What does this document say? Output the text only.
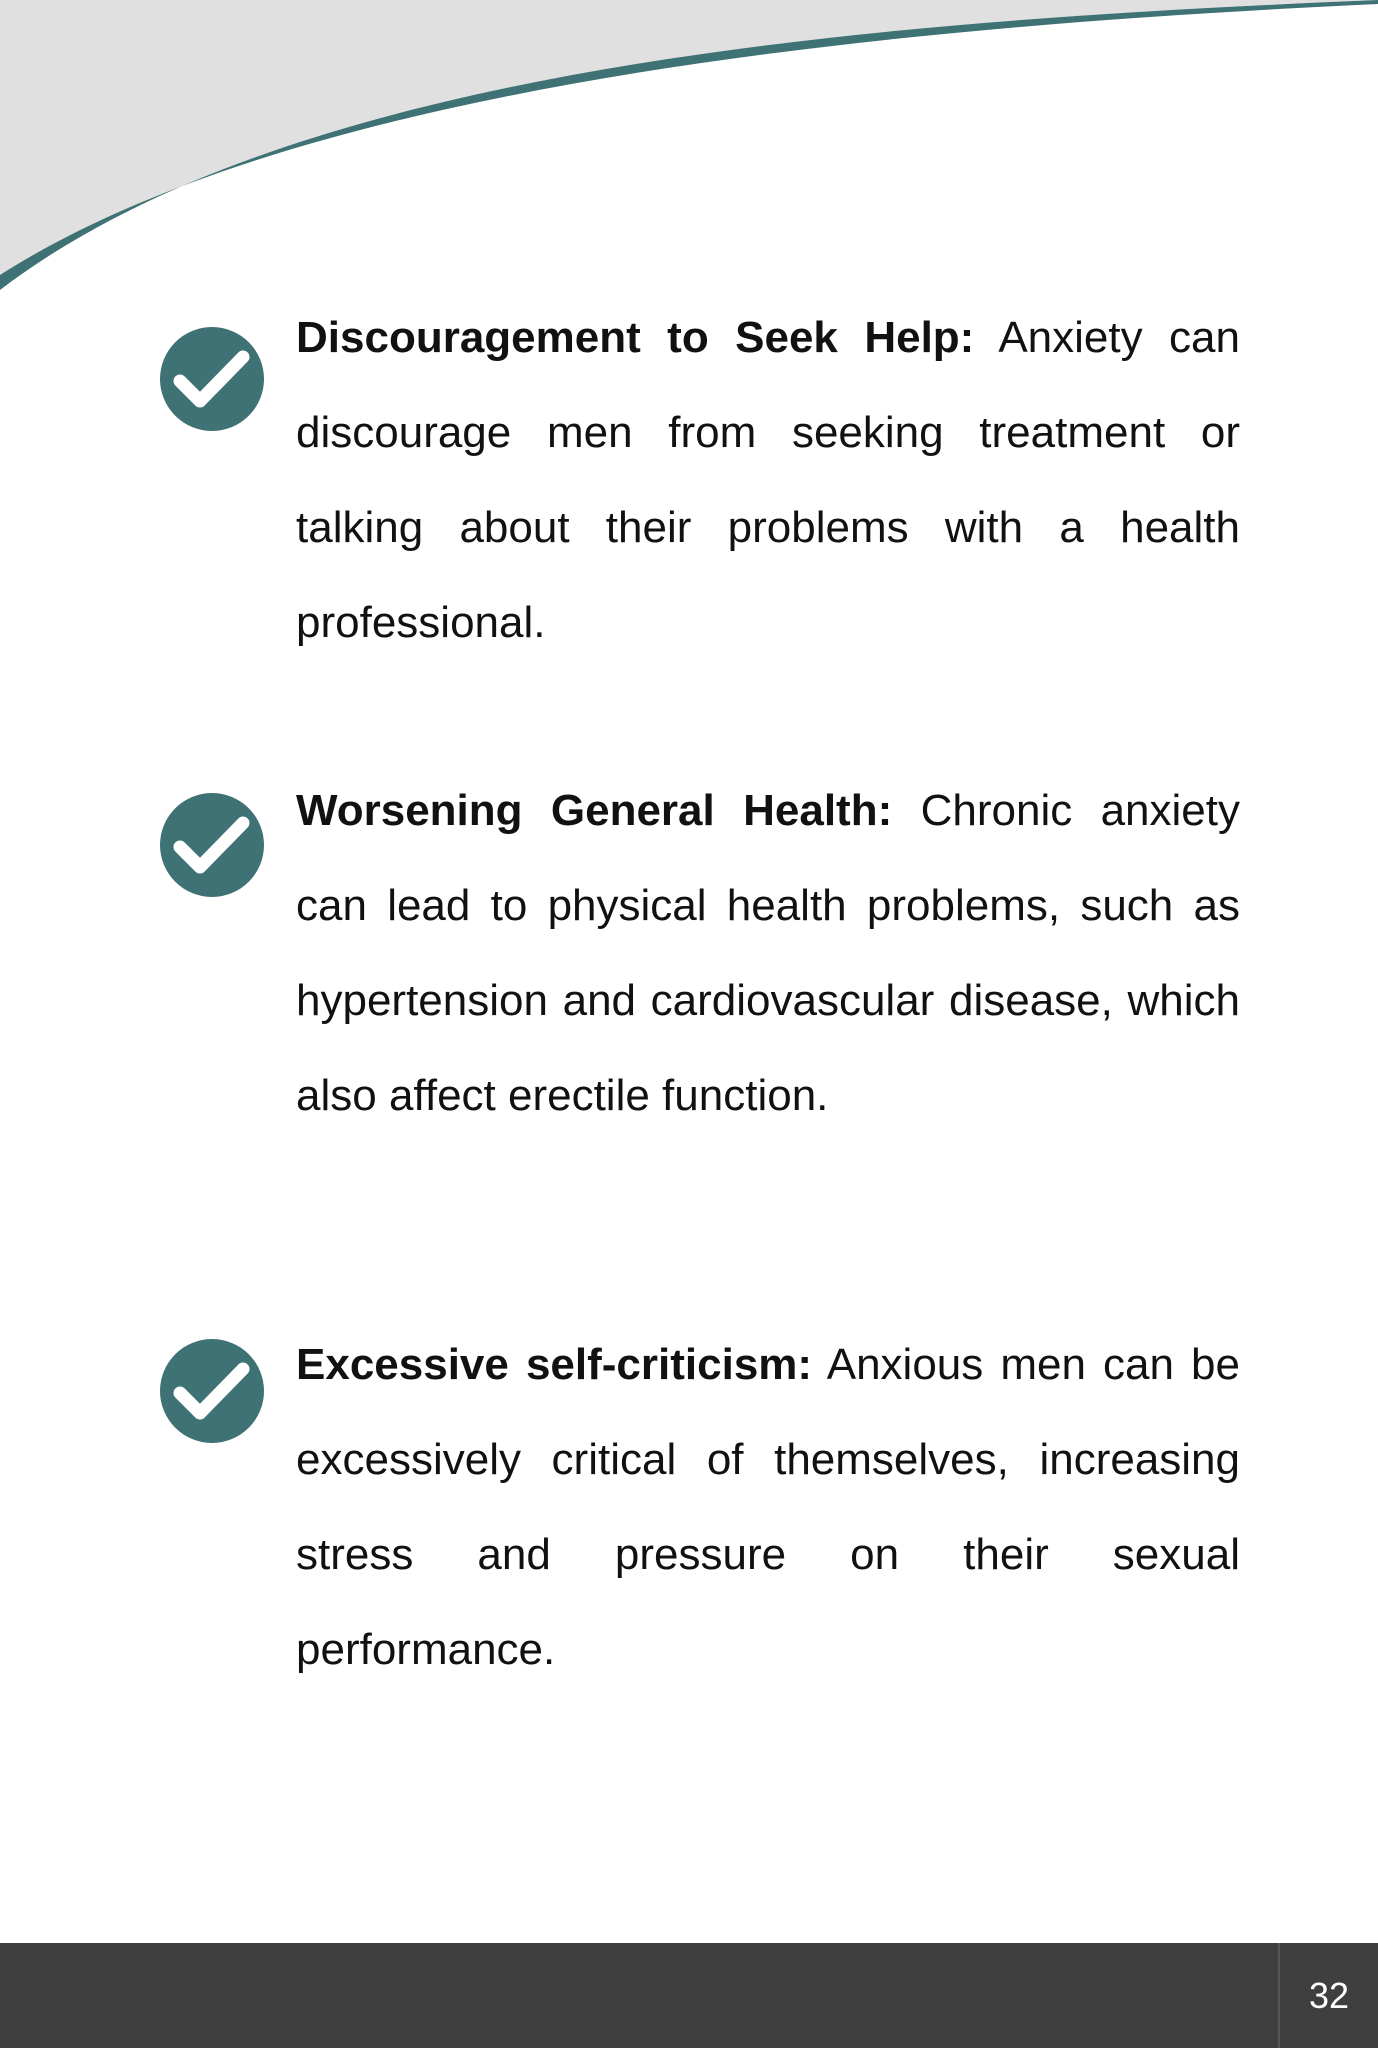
Discouragement to Seek Help: Anxiety can discourage men from seeking treatment or talking about their problems with a health professional.

Worsening General Health: Chronic anxiety can lead to physical health problems, such as hypertension and cardiovascular disease, which also affect erectile function.

Excessive self-criticism: Anxious men can be excessively critical of themselves, increasing stress and pressure on their sexual performance.

32
